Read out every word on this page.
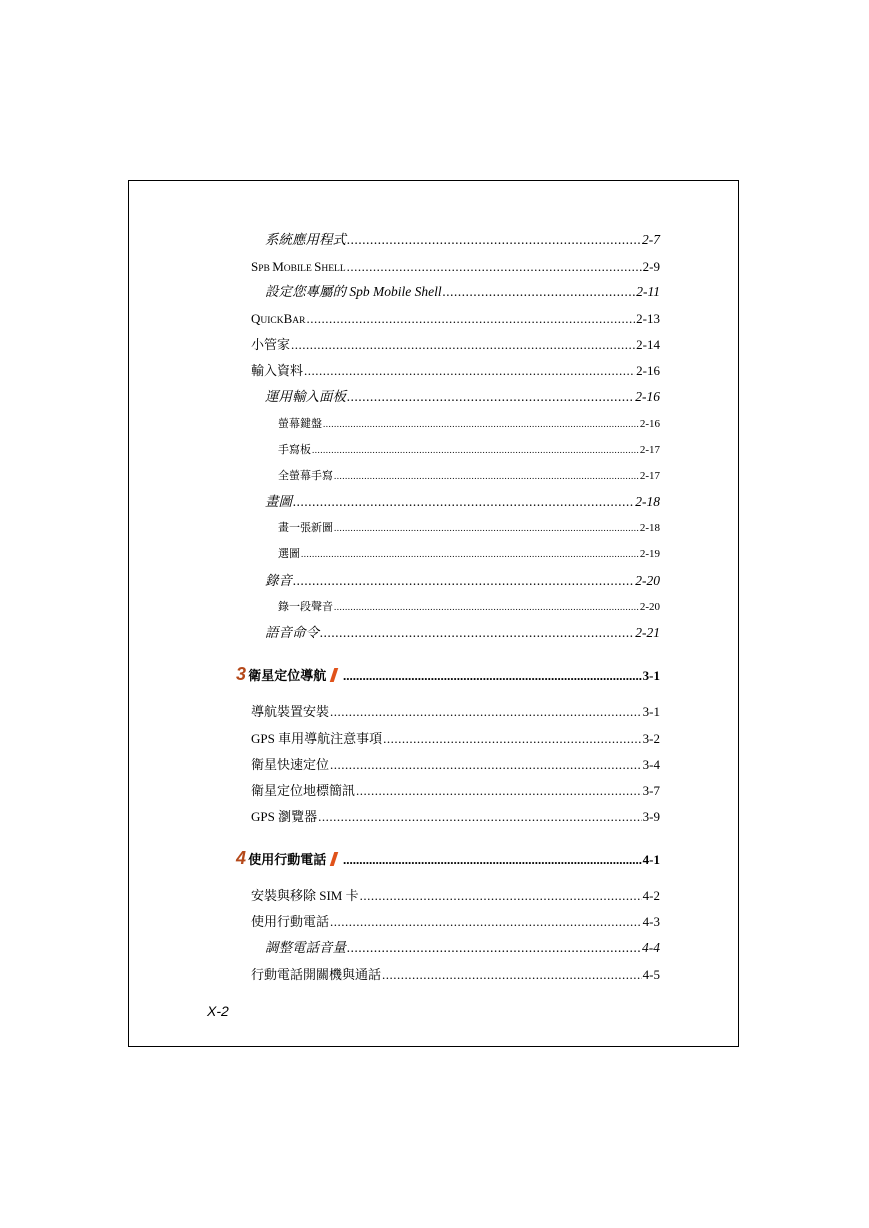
系統應用程式 .....	2-7
SPB MOBILE SHELL .....	2-9
設定您專屬的 Spb Mobile Shell .....	2-11
QUICKBAR .....	2-13
小管家 .....	2-14
輸入資料 .....	2-16
運用輸入面板 .....	2-16
螢幕鍵盤 .....	2-16
手寫板 .....	2-17
全螢幕手寫 .....	2-17
畫圖 .....	2-18
畫一張新圖 .....	2-18
選圖 .....	2-19
錄音 .....	2-20
錄一段聲音 .....	2-20
語音命令 .....	2-21
3 衛星定位導航 .....	3-1
導航裝置安裝 .....	3-1
GPS 車用導航注意事項 .....	3-2
衛星快速定位 .....	3-4
衛星定位地標簡訊 .....	3-7
GPS 瀏覽器 .....	3-9
4 使用行動電話 .....	4-1
安裝與移除 SIM 卡 .....	4-2
使用行動電話 .....	4-3
調整電話音量 .....	4-4
行動電話開關機與通話 .....	4-5
X-2
